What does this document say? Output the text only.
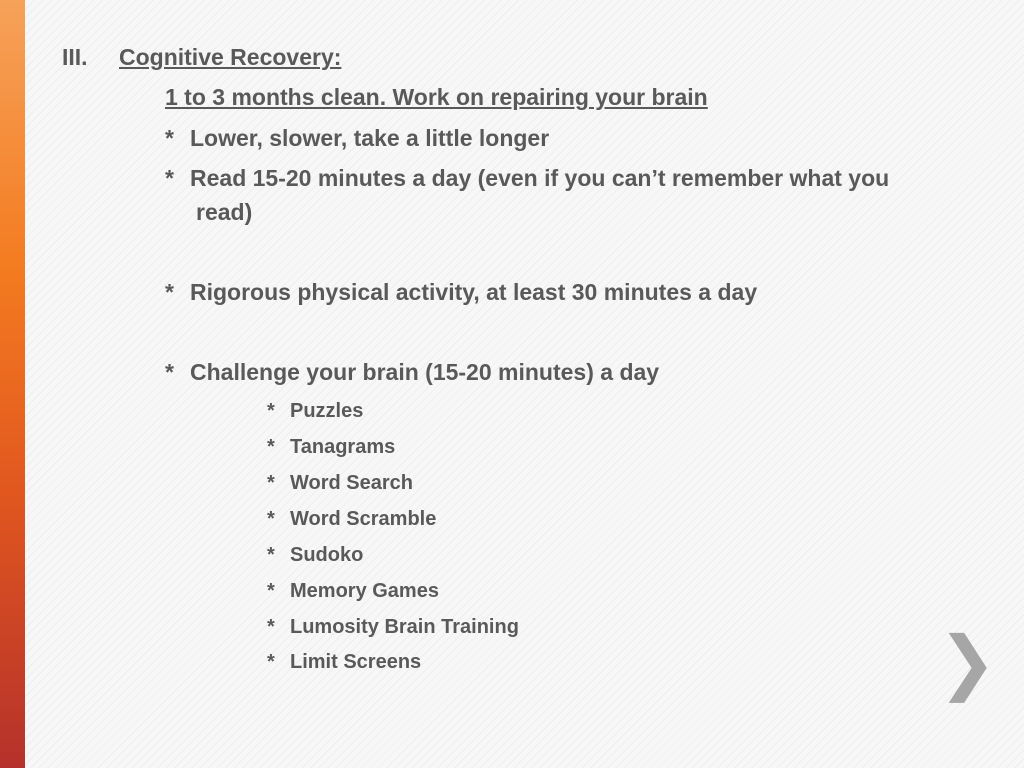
III. Cognitive Recovery:
1 to 3 months clean. Work on repairing your brain
* Lower, slower, take a little longer
* Read 15-20 minutes a day (even if you can’t remember what you
read)
* Rigorous physical activity, at least 30 minutes a day
* Challenge your brain (15-20 minutes) a day
* Puzzles
* Tanagrams
* Word Search
* Word Scramble
* Sudoko
* Memory Games
* Lumosity Brain Training
* Limit Screens	❯
